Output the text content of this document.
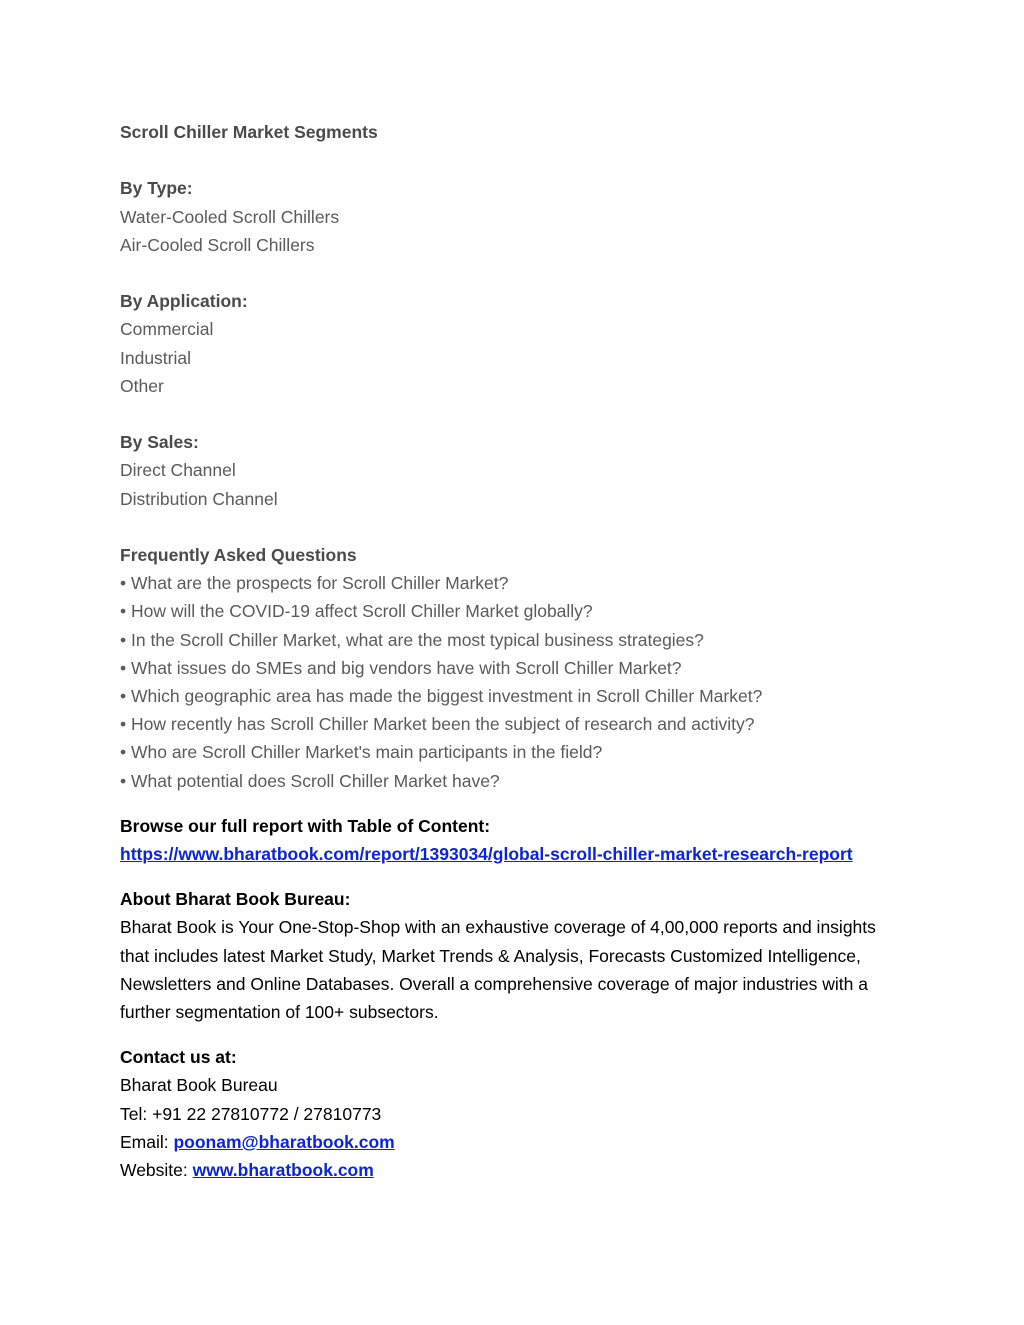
Scroll Chiller Market Segments
By Type:
Water-Cooled Scroll Chillers
Air-Cooled Scroll Chillers
By Application:
Commercial
Industrial
Other
By Sales:
Direct Channel
Distribution Channel
Frequently Asked Questions
• What are the prospects for Scroll Chiller Market?
• How will the COVID-19 affect Scroll Chiller Market globally?
• In the Scroll Chiller Market, what are the most typical business strategies?
• What issues do SMEs and big vendors have with Scroll Chiller Market?
• Which geographic area has made the biggest investment in Scroll Chiller Market?
• How recently has Scroll Chiller Market been the subject of research and activity?
• Who are Scroll Chiller Market's main participants in the field?
• What potential does Scroll Chiller Market have?
Browse our full report with Table of Content:
https://www.bharatbook.com/report/1393034/global-scroll-chiller-market-research-report
About Bharat Book Bureau:
Bharat Book is Your One-Stop-Shop with an exhaustive coverage of 4,00,000 reports and insights that includes latest Market Study, Market Trends & Analysis, Forecasts Customized Intelligence, Newsletters and Online Databases. Overall a comprehensive coverage of major industries with a further segmentation of 100+ subsectors.
Contact us at:
Bharat Book Bureau
Tel: +91 22 27810772 / 27810773
Email: poonam@bharatbook.com
Website: www.bharatbook.com
